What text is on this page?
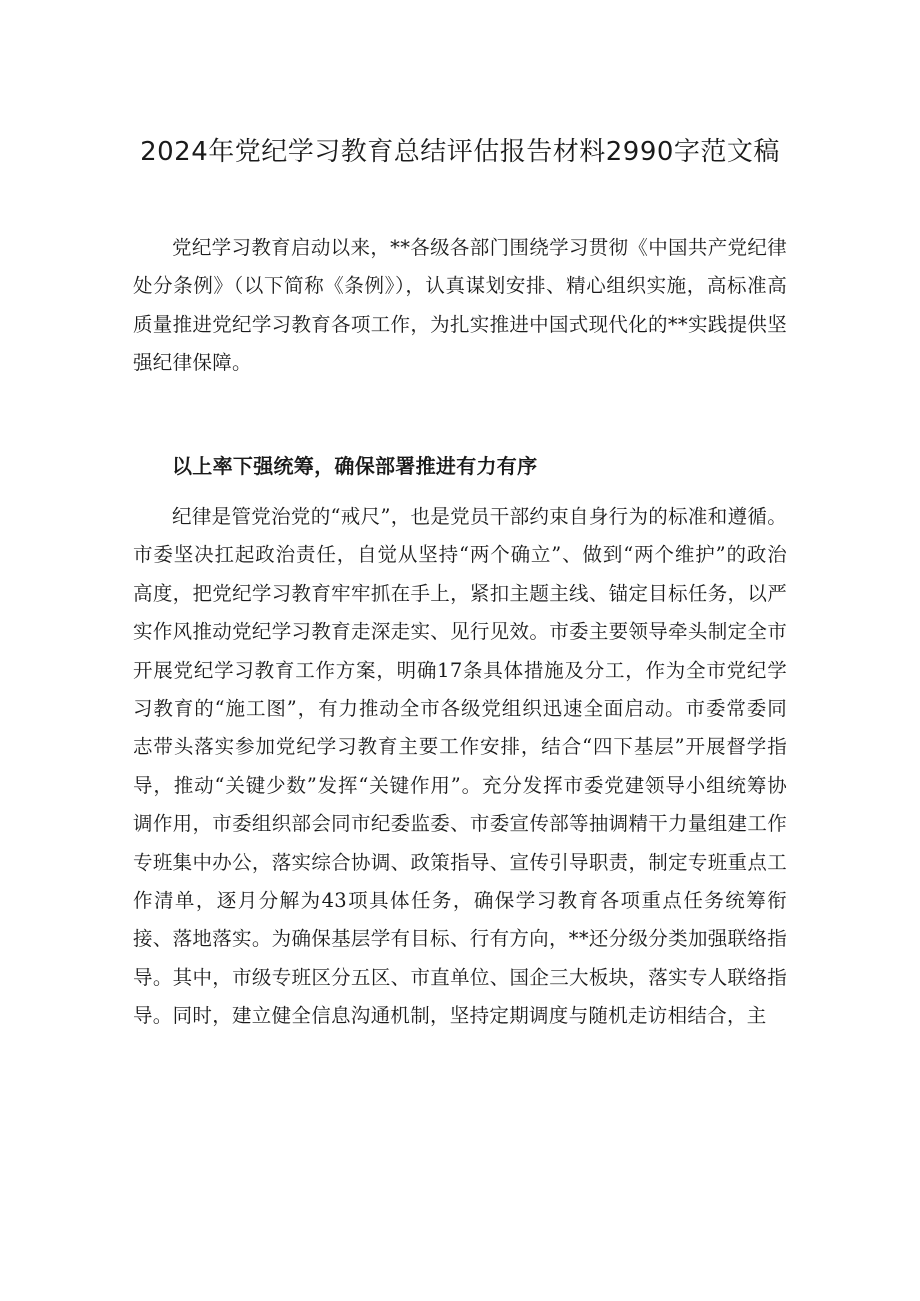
2024年党纪学习教育总结评估报告材料2990字范文稿
党纪学习教育启动以来，**各级各部门围绕学习贯彻《中国共产党纪律处分条例》（以下简称《条例》），认真谋划安排、精心组织实施，高标准高质量推进党纪学习教育各项工作，为扎实推进中国式现代化的**实践提供坚强纪律保障。
以上率下强统筹，确保部署推进有力有序
纪律是管党治党的“戒尺”，也是党员干部约束自身行为的标准和遵循。市委坚决扛起政治责任，自觉从坚持“两个确立”、做到“两个维护”的政治高度，把党纪学习教育牢牢抓在手上，紧扣主题主线、锚定目标任务，以严实作风推动党纪学习教育走深走实、见行见效。市委主要领导牵头制定全市开展党纪学习教育工作方案，明确17条具体措施及分工，作为全市党纪学习教育的“施工图”，有力推动全市各级党组织迅速全面启动。市委常委同志带头落实参加党纪学习教育主要工作安排，结合“四下基层”开展督学指导，推动“关键少数”发挥“关键作用”。充分发挥市委党建领导小组统筹协调作用，市委组织部会同市纪委监委、市委宣传部等抽调精干力量组建工作专班集中办公，落实综合协调、政策指导、宣传引导职责，制定专班重点工作清单，逐月分解为43项具体任务，确保学习教育各项重点任务统筹衔接、落地落实。为确保基层学有目标、行有方向，**还分级分类加强联络指导。其中，市级专班区分五区、市直单位、国企三大板块，落实专人联络指导。同时，建立健全信息沟通机制，坚持定期调度与随机走访相结合，主
